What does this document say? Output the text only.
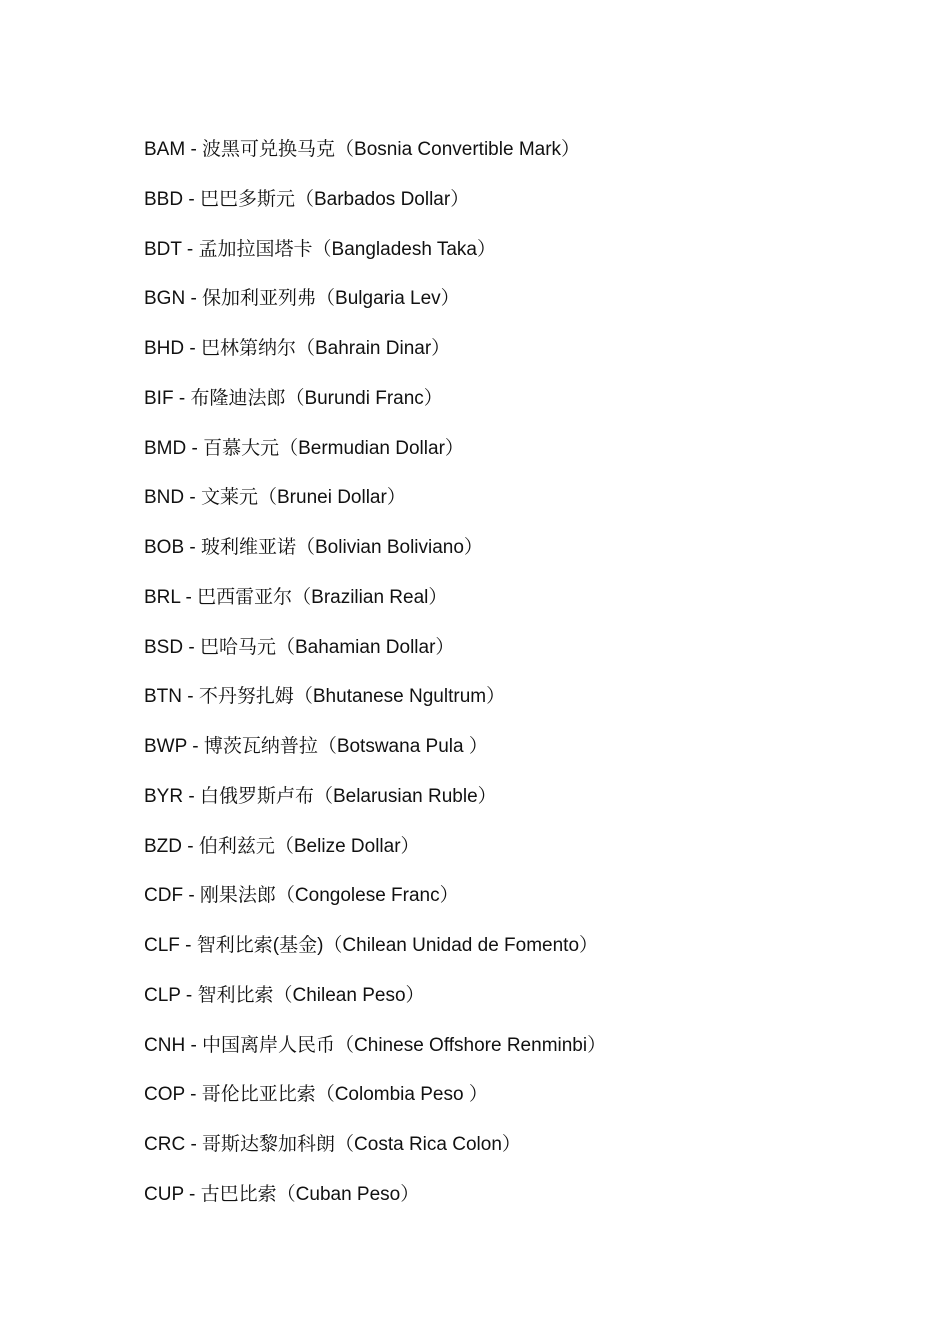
BAM - 波黑可兑换马克（Bosnia Convertible Mark）
BBD - 巴巴多斯元（Barbados Dollar）
BDT - 孟加拉国塔卡（Bangladesh Taka）
BGN - 保加利亚列弗（Bulgaria Lev）
BHD - 巴林第纳尔（Bahrain Dinar）
BIF - 布隆迪法郎（Burundi Franc）
BMD - 百慕大元（Bermudian Dollar）
BND - 文莱元（Brunei Dollar）
BOB - 玻利维亚诺（Bolivian Boliviano）
BRL - 巴西雷亚尔（Brazilian Real）
BSD - 巴哈马元（Bahamian Dollar）
BTN - 不丹努扎姆（Bhutanese Ngultrum）
BWP - 博茨瓦纳普拉（Botswana Pula ）
BYR - 白俄罗斯卢布（Belarusian Ruble）
BZD - 伯利兹元（Belize Dollar）
CDF - 刚果法郎（Congolese Franc）
CLF - 智利比索(基金)（Chilean Unidad de Fomento）
CLP - 智利比索（Chilean Peso）
CNH - 中国离岸人民币（Chinese Offshore Renminbi）
COP - 哥伦比亚比索（Colombia Peso ）
CRC - 哥斯达黎加科朗（Costa Rica Colon）
CUP - 古巴比索（Cuban Peso）
